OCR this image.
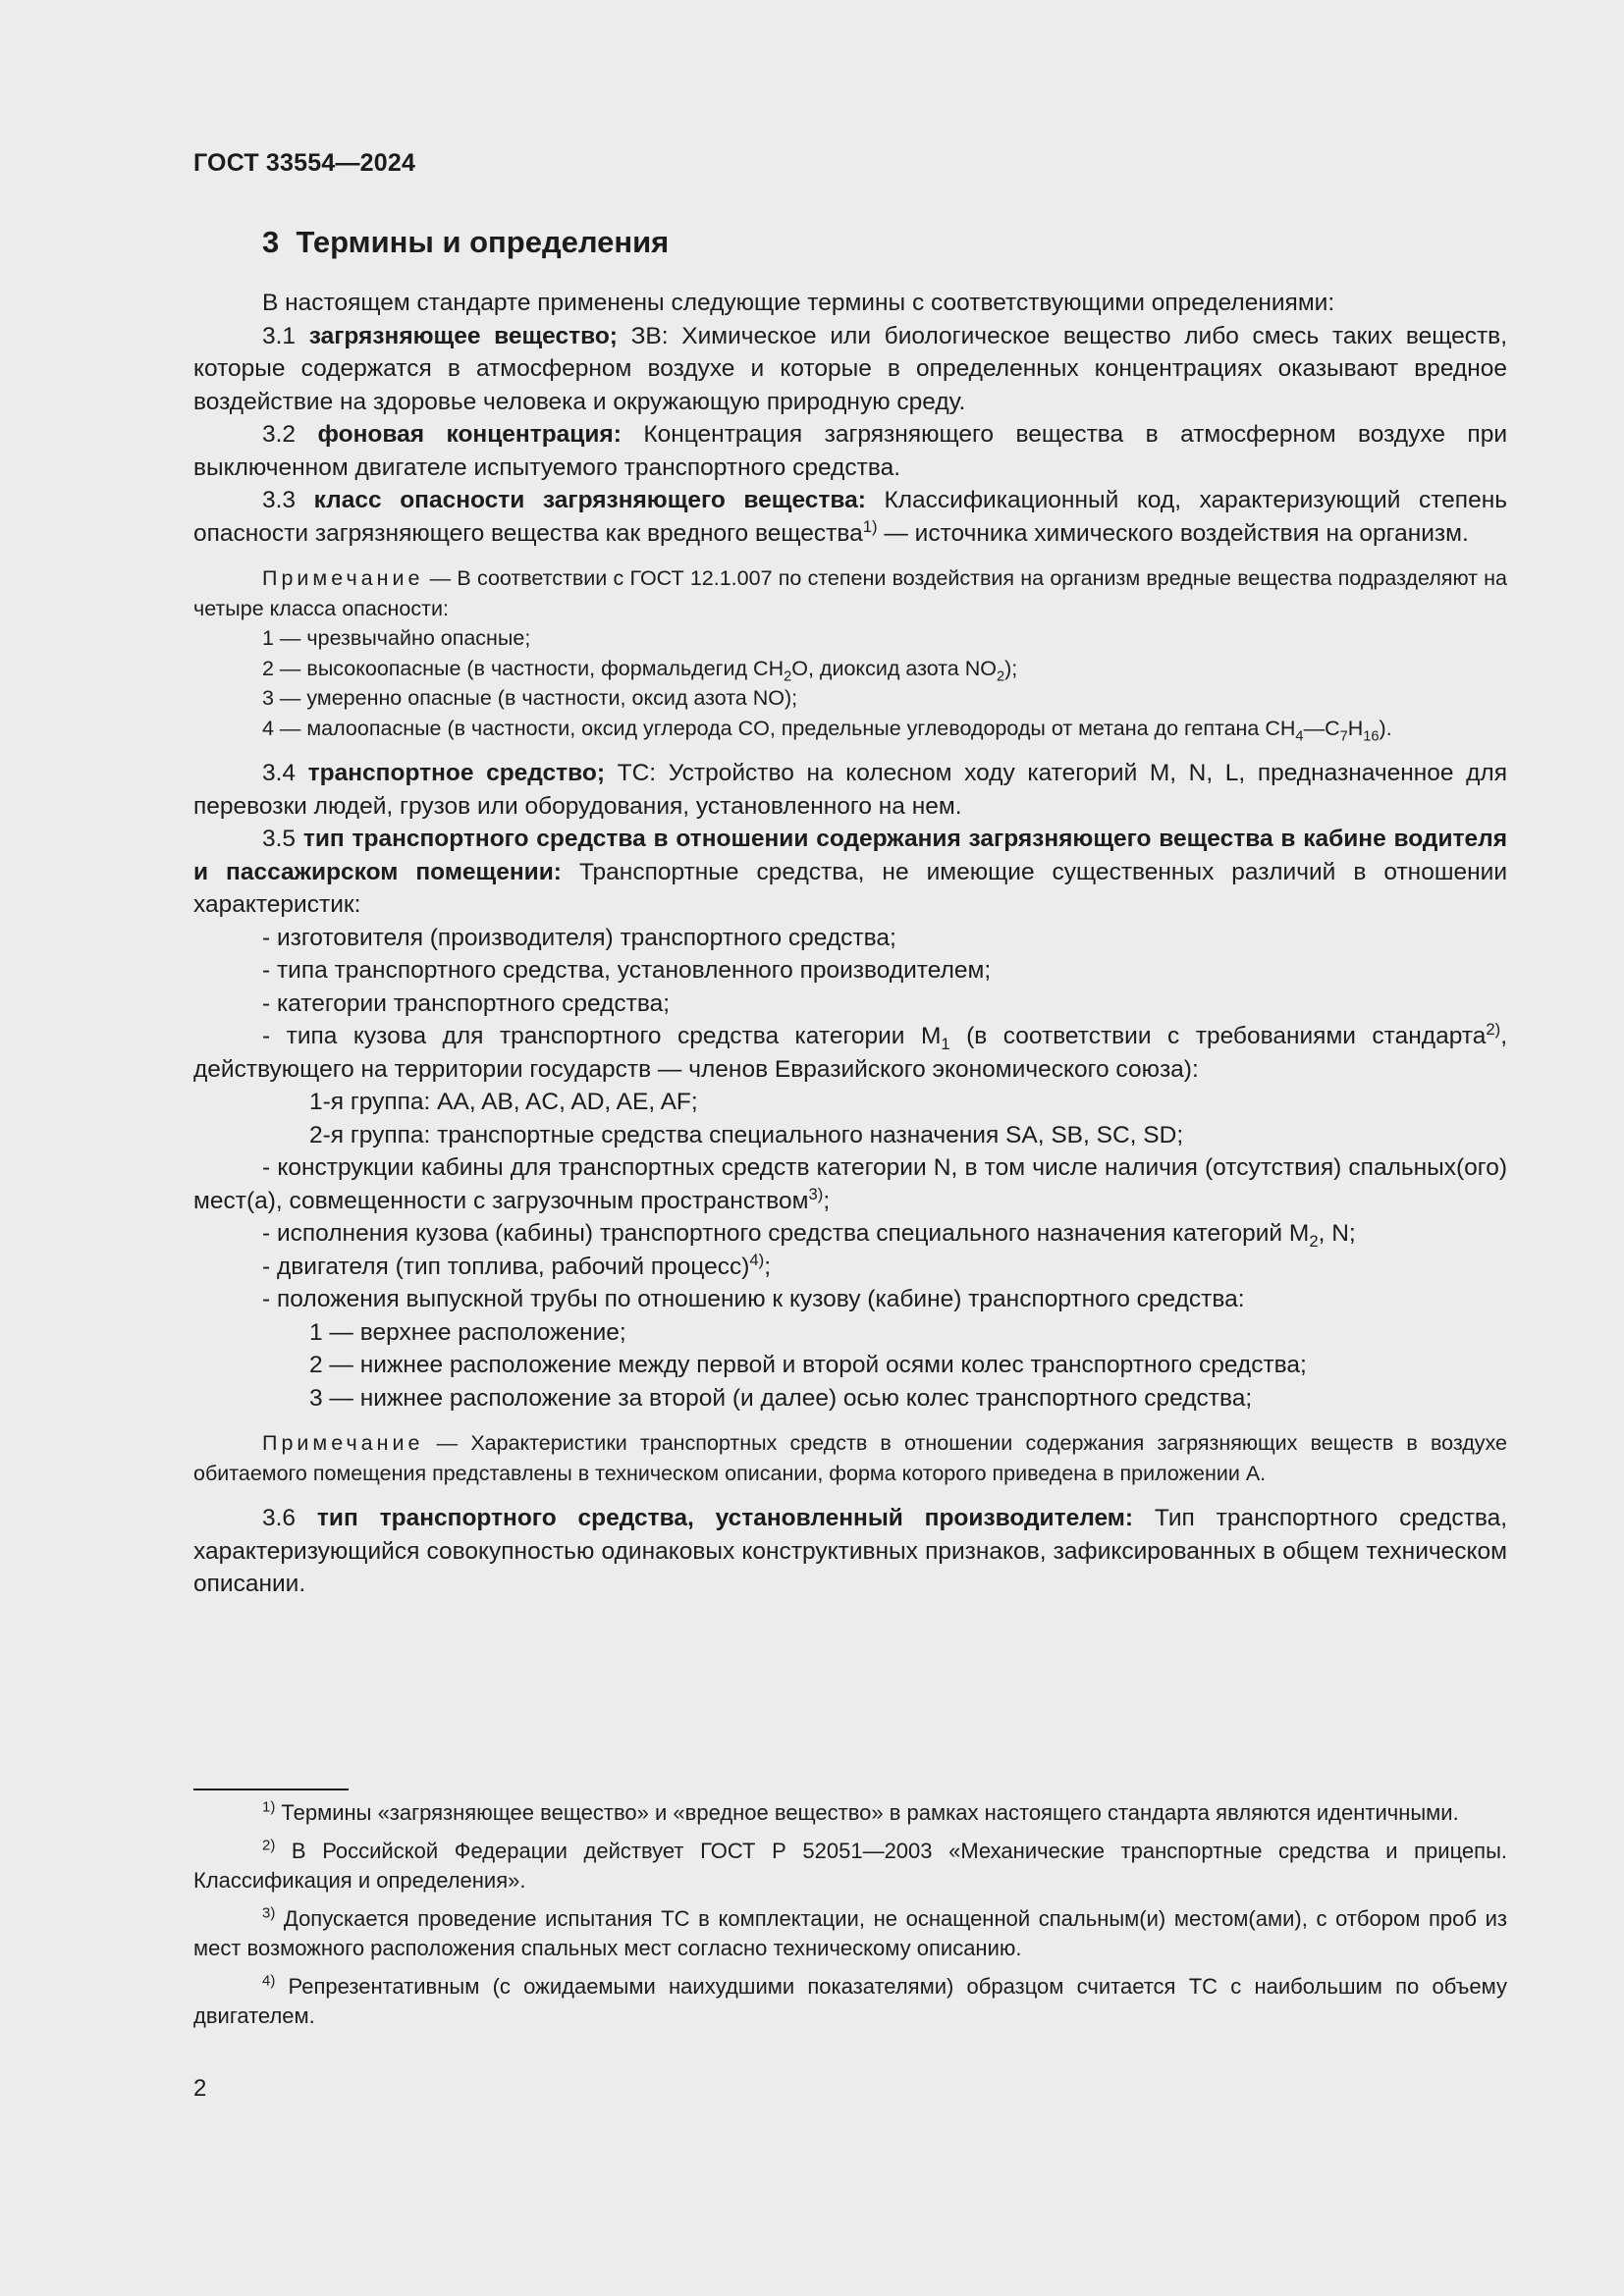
ГОСТ 33554—2024
3 Термины и определения

В настоящем стандарте применены следующие термины с соответствующими определениями:

3.1 загрязняющее вещество; ЗВ: Химическое или биологическое вещество либо смесь таких веществ, которые содержатся в атмосферном воздухе и которые в определенных концентрациях оказывают вредное воздействие на здоровье человека и окружающую природную среду.

3.2 фоновая концентрация: Концентрация загрязняющего вещества в атмосферном воздухе при выключенном двигателе испытуемого транспортного средства.

3.3 класс опасности загрязняющего вещества: Классификационный код, характеризующий степень опасности загрязняющего вещества как вредного вещества$^{1)}$ — источника химического воздействия на организм.

Примечание — В соответствии с ГОСТ 12.1.007 по степени воздействия на организм вредные вещества подразделяют на четыре класса опасности:

1 — чрезвычайно опасные;

2 — высокоопасные (в частности, формальдегид $CH_2O$, диоксид азота $NO_2$);

3 — умеренно опасные (в частности, оксид азота NO);

4 — малоопасные (в частности, оксид углерода CO, предельные углеводороды от метана до гептана $CH_4—C_7H_{16}$).

3.4 транспортное средство; ТС: Устройство на колесном ходу категорий M, N, L, предназначенное для перевозки людей, грузов или оборудования, установленного на нем.

3.5 тип транспортного средства в отношении содержания загрязняющего вещества в кабине водителя и пассажирском помещении: Транспортные средства, не имеющие существенных различий в отношении характеристик:

- изготовителя (производителя) транспортного средства;

- типа транспортного средства, установленного производителем;

- категории транспортного средства;

- типа кузова для транспортного средства категории $M_1$ (в соответствии с требованиями стандарта$^{2)}$, действующего на территории государств — членов Евразийского экономического союза):

1-я группа: AA, AB, AC, AD, AE, AF;

2-я группа: транспортные средства специального назначения SA, SB, SC, SD;

- конструкции кабины для транспортных средств категории N, в том числе наличия (отсутствия) спальных(ого) мест(а), совмещенности с загрузочным пространством$^{3)}$;

- исполнения кузова (кабины) транспортного средства специального назначения категорий $M_2$, N;

- двигателя (тип топлива, рабочий процесс)$^{4)}$;

- положения выпускной трубы по отношению к кузову (кабине) транспортного средства:

1 — верхнее расположение;

2 — нижнее расположение между первой и второй осями колес транспортного средства;

3 — нижнее расположение за второй (и далее) осью колес транспортного средства;

Примечание — Характеристики транспортных средств в отношении содержания загрязняющих веществ в воздухе обитаемого помещения представлены в техническом описании, форма которого приведена в приложении А.

3.6 тип транспортного средства, установленный производителем: Тип транспортного средства, характеризующийся совокупностью одинаковых конструктивных признаков, зафиксированных в общем техническом описании.

$^{1)}$ Термины «загрязняющее вещество» и «вредное вещество» в рамках настоящего стандарта являются идентичными.

$^{2)}$ В Российской Федерации действует ГОСТ Р 52051—2003 «Механические транспортные средства и прицепы. Классификация и определения».

$^{3)}$ Допускается проведение испытания ТС в комплектации, не оснащенной спальным(и) местом(ами), с отбором проб из мест возможного расположения спальных мест согласно техническому описанию.

$^{4)}$ Репрезентативным (с ожидаемыми наихудшими показателями) образцом считается ТС с наибольшим по объему двигателем.

2
